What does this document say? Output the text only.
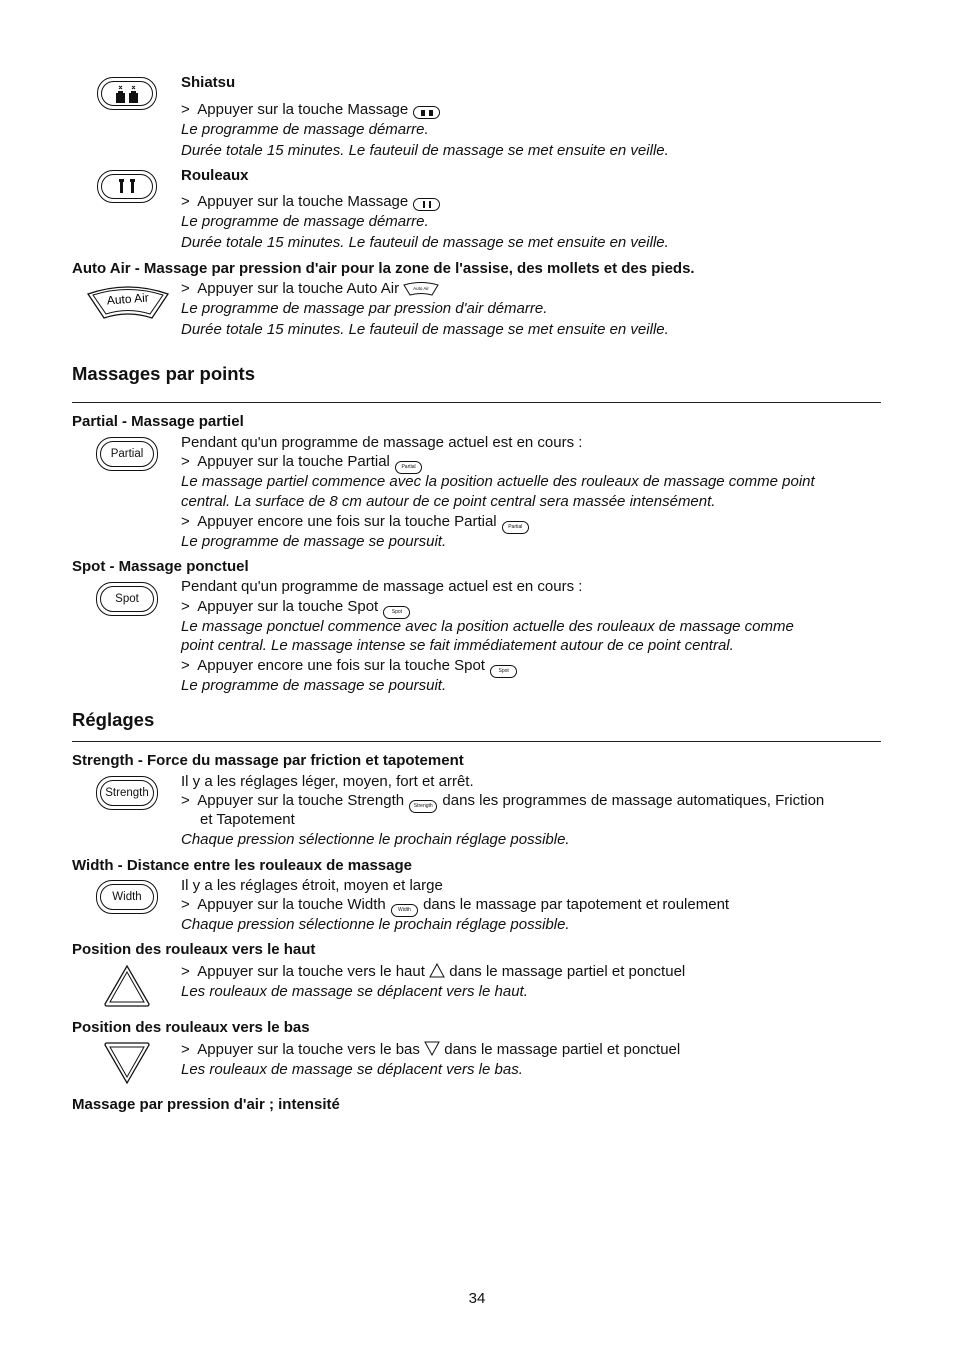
Shiatsu
>  Appuyer sur la touche Massage
Le programme de massage démarre.
Durée totale 15 minutes. Le fauteuil de massage se met ensuite en veille.
Rouleaux
>  Appuyer sur la touche Massage
Le programme de massage démarre.
Durée totale 15 minutes. Le fauteuil de massage se met ensuite en veille.
Auto Air - Massage par pression d'air pour la zone de l'assise, des mollets et des pieds.
Auto Air
>  Appuyer sur la touche Auto Air	Auto Air
Le programme de massage par pression d'air démarre.
Durée totale 15 minutes. Le fauteuil de massage se met ensuite en veille.
Massages par points
Partial - Massage partiel
Partial
Pendant qu'un programme de massage actuel est en cours :
>  Appuyer sur la touche Partial Partial
Le massage partiel commence avec la position actuelle des rouleaux de massage comme point
central. La surface de 8 cm autour de ce point central sera massée intensément.
>  Appuyer encore une fois sur la touche Partial Partial
Le programme de massage se poursuit.
Spot - Massage ponctuel
Spot
Pendant qu'un programme de massage actuel est en cours :
>  Appuyer sur la touche Spot	Spot
Le massage ponctuel commence avec la position actuelle des rouleaux de massage comme
point central. Le massage intense se fait immédiatement autour de ce point central.
>  Appuyer encore une fois sur la touche Spot	Spot
Le programme de massage se poursuit.
Réglages
Strength - Force du massage par friction et tapotement
Strength
Il y a les réglages léger, moyen, fort et arrêt.
>  Appuyer sur la touche Strength Strength dans les programmes de massage automatiques, Friction
et Tapotement
Chaque pression sélectionne le prochain réglage possible.
Width - Distance entre les rouleaux de massage
Width
Il y a les réglages étroit, moyen et large
>  Appuyer sur la touche Width Width dans le massage par tapotement et roulement
Chaque pression sélectionne le prochain réglage possible.
Position des rouleaux vers le haut
>  Appuyer sur la touche vers le haut dans le massage partiel et ponctuel
Les rouleaux de massage se déplacent vers le haut.
Position des rouleaux vers le bas
>  Appuyer sur la touche vers le bas dans le massage partiel et ponctuel
Les rouleaux de massage se déplacent vers le bas.
Massage par pression d'air ; intensité
34
